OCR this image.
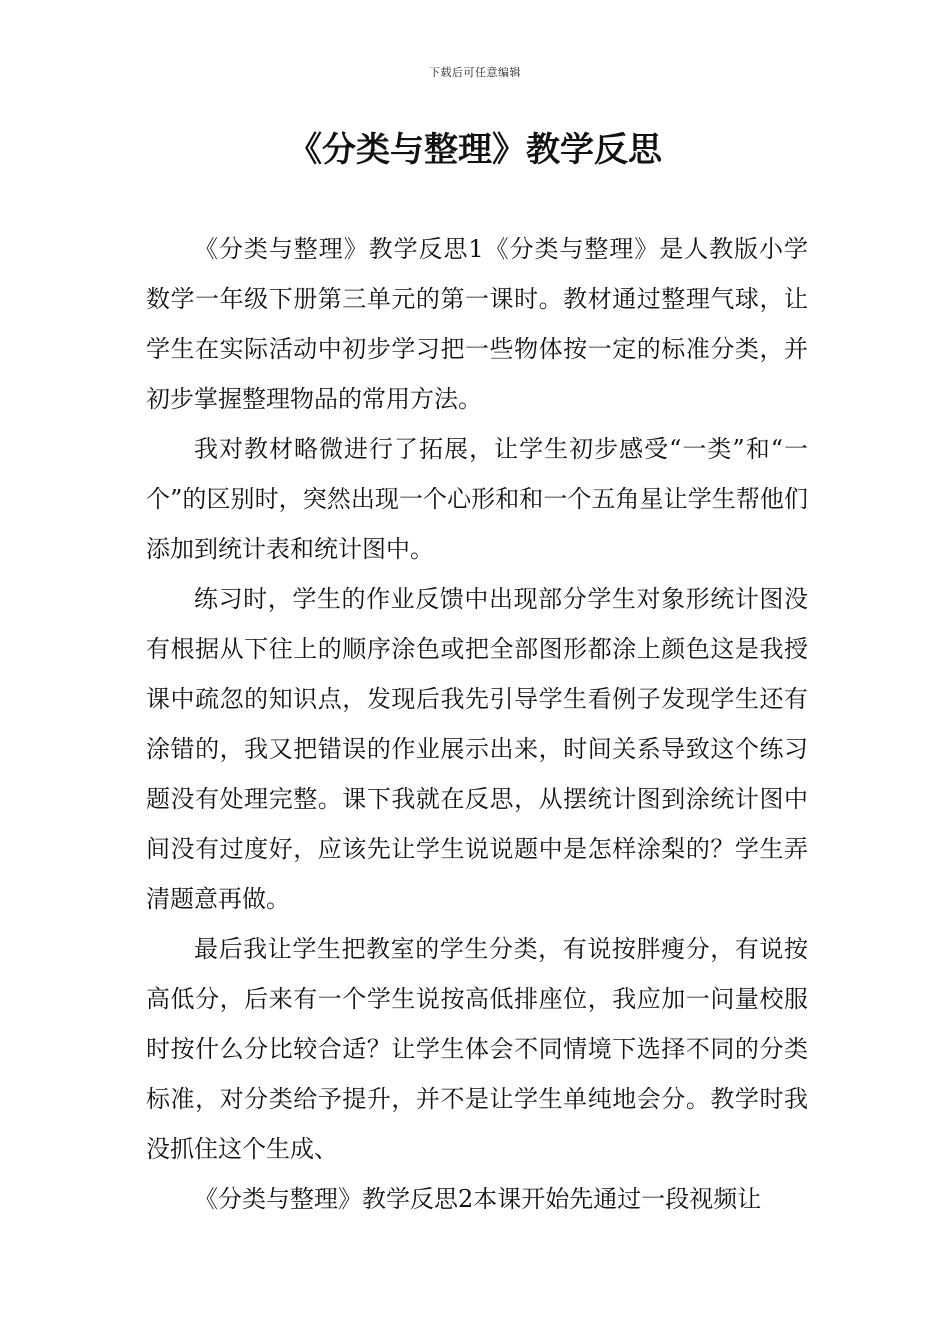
下载后可任意编辑
《分类与整理》教学反思

《分类与整理》教学反思1《分类与整理》是人教版小学数学一年级下册第三单元的第一课时。教材通过整理气球，让学生在实际活动中初步学习把一些物体按一定的标准分类，并初步掌握整理物品的常用方法。

我对教材略微进行了拓展，让学生初步感受“一类”和“一个”的区别时，突然出现一个心形和和一个五角星让学生帮他们添加到统计表和统计图中。

练习时，学生的作业反馈中出现部分学生对象形统计图没有根据从下往上的顺序涂色或把全部图形都涂上颜色这是我授课中疏忽的知识点，发现后我先引导学生看例子发现学生还有涂错的，我又把错误的作业展示出来，时间关系导致这个练习题没有处理完整。课下我就在反思，从摆统计图到涂统计图中间没有过度好，应该先让学生说说题中是怎样涂梨的？学生弄清题意再做。

最后我让学生把教室的学生分类，有说按胖瘦分，有说按高低分，后来有一个学生说按高低排座位，我应加一问量校服时按什么分比较合适？让学生体会不同情境下选择不同的分类标准，对分类给予提升，并不是让学生单纯地会分。教学时我没抓住这个生成、

《分类与整理》教学反思2本课开始先通过一段视频让
